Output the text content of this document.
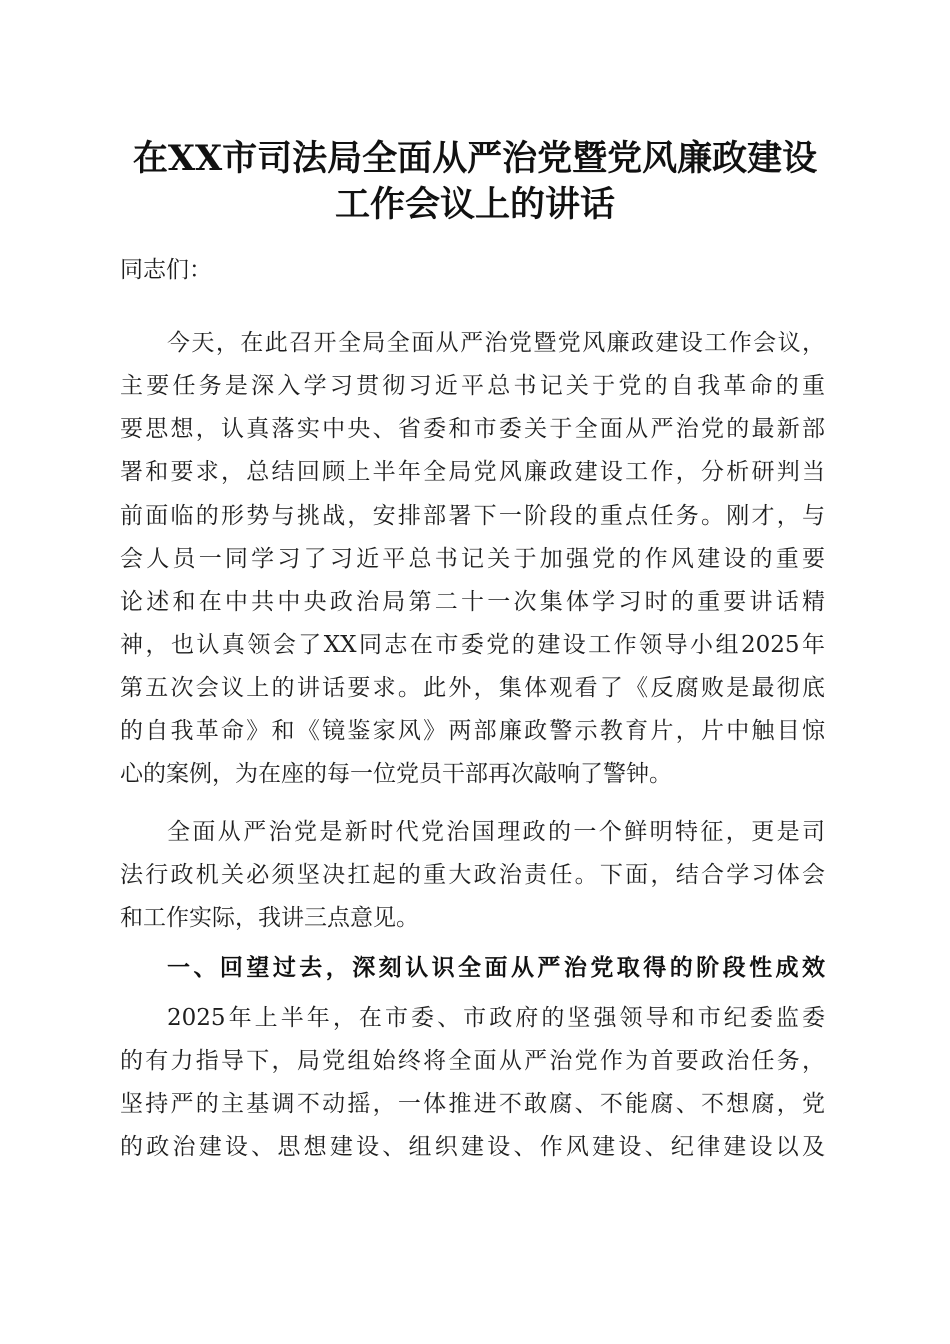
在XX市司法局全面从严治党暨党风廉政建设
工作会议上的讲话
同志们：
今天，在此召开全局全面从严治党暨党风廉政建设工作会议，
主要任务是深入学习贯彻习近平总书记关于党的自我革命的重
要思想，认真落实中央、省委和市委关于全面从严治党的最新部
署和要求，总结回顾上半年全局党风廉政建设工作，分析研判当
前面临的形势与挑战，安排部署下一阶段的重点任务。刚才，与
会人员一同学习了习近平总书记关于加强党的作风建设的重要
论述和在中共中央政治局第二十一次集体学习时的重要讲话精
神，也认真领会了XX同志在市委党的建设工作领导小组2025年
第五次会议上的讲话要求。此外，集体观看了《反腐败是最彻底
的自我革命》和《镜鉴家风》两部廉政警示教育片，片中触目惊
心的案例，为在座的每一位党员干部再次敲响了警钟。
全面从严治党是新时代党治国理政的一个鲜明特征，更是司
法行政机关必须坚决扛起的重大政治责任。下面，结合学习体会
和工作实际，我讲三点意见。
一、回望过去，深刻认识全面从严治党取得的阶段性成效
2025年上半年，在市委、市政府的坚强领导和市纪委监委
的有力指导下，局党组始终将全面从严治党作为首要政治任务，
坚持严的主基调不动摇，一体推进不敢腐、不能腐、不想腐，党
的政治建设、思想建设、组织建设、作风建设、纪律建设以及
